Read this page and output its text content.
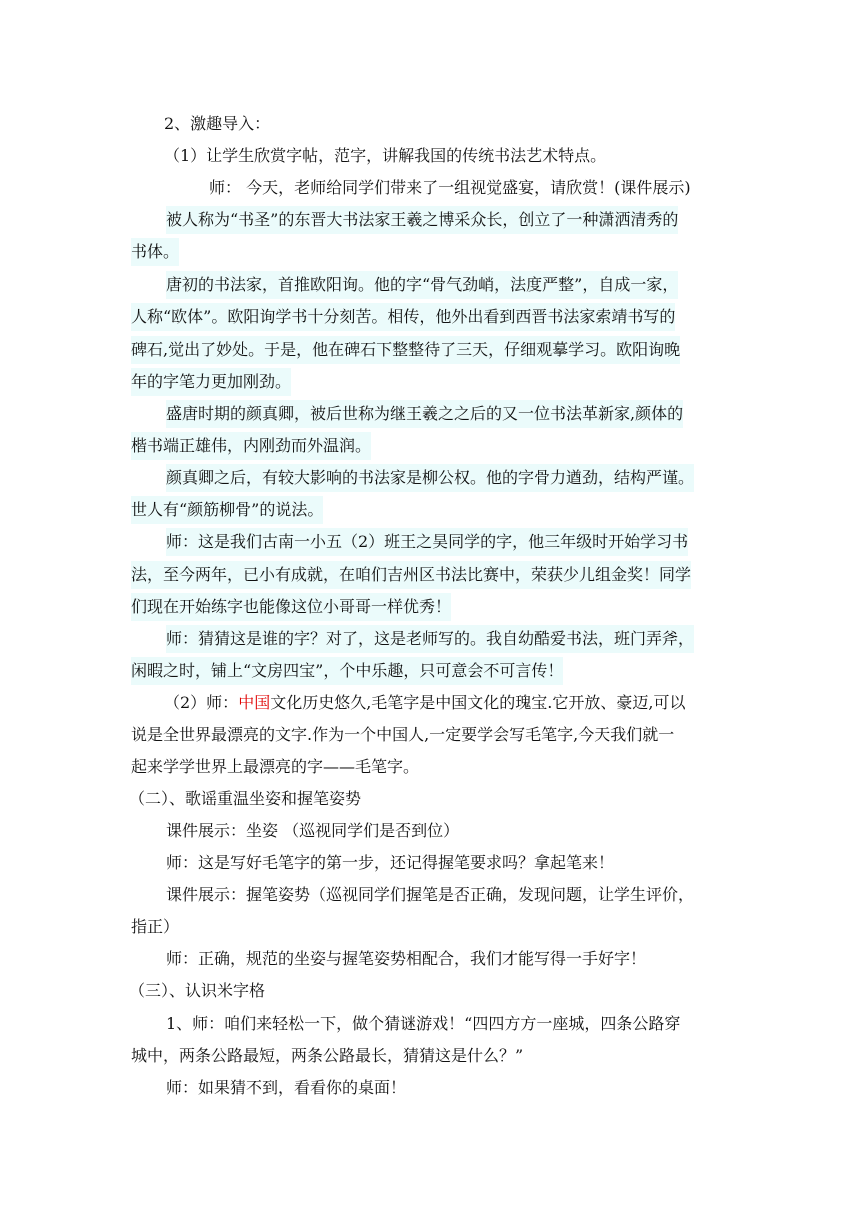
2、激趣导入：
（1）让学生欣赏字帖，范字，讲解我国的传统书法艺术特点。
师： 今天，老师给同学们带来了一组视觉盛宴，请欣赏！(课件展示)
被人称为“书圣”的东晋大书法家王羲之博采众长，创立了一种潇洒清秀的
书体。
唐初的书法家，首推欧阳询。他的字“骨气劲峭，法度严整”，自成一家，
人称“欧体”。欧阳询学书十分刻苦。相传，他外出看到西晋书法家索靖书写的
碑石,觉出了妙处。于是，他在碑石下整整待了三天，仔细观摹学习。欧阳询晚
年的字笔力更加刚劲。
盛唐时期的颜真卿，被后世称为继王羲之之后的又一位书法革新家,颜体的
楷书端正雄伟，内刚劲而外温润。
颜真卿之后，有较大影响的书法家是柳公权。他的字骨力遒劲，结构严谨。
世人有“颜筋柳骨”的说法。
师：这是我们古南一小五（2）班王之昊同学的字，他三年级时开始学习书
法，至今两年，已小有成就，在咱们吉州区书法比赛中，荣获少儿组金奖！同学
们现在开始练字也能像这位小哥哥一样优秀！
师：猜猜这是谁的字？对了，这是老师写的。我自幼酷爱书法，班门弄斧，
闲暇之时，铺上“文房四宝”，个中乐趣，只可意会不可言传！
（2）师：中国文化历史悠久,毛笔字是中国文化的瑰宝.它开放、豪迈,可以
说是全世界最漂亮的文字.作为一个中国人,一定要学会写毛笔字,今天我们就一
起来学学世界上最漂亮的字——毛笔字。
（二）、歌谣重温坐姿和握笔姿势
课件展示：坐姿 （巡视同学们是否到位）
师：这是写好毛笔字的第一步，还记得握笔要求吗？拿起笔来！
课件展示：握笔姿势（巡视同学们握笔是否正确，发现问题，让学生评价，
指正）
师：正确，规范的坐姿与握笔姿势相配合，我们才能写得一手好字！
（三）、认识米字格
1、师：咱们来轻松一下，做个猜谜游戏！“四四方方一座城，四条公路穿
城中，两条公路最短，两条公路最长，猜猜这是什么？”
师：如果猜不到，看看你的桌面！
